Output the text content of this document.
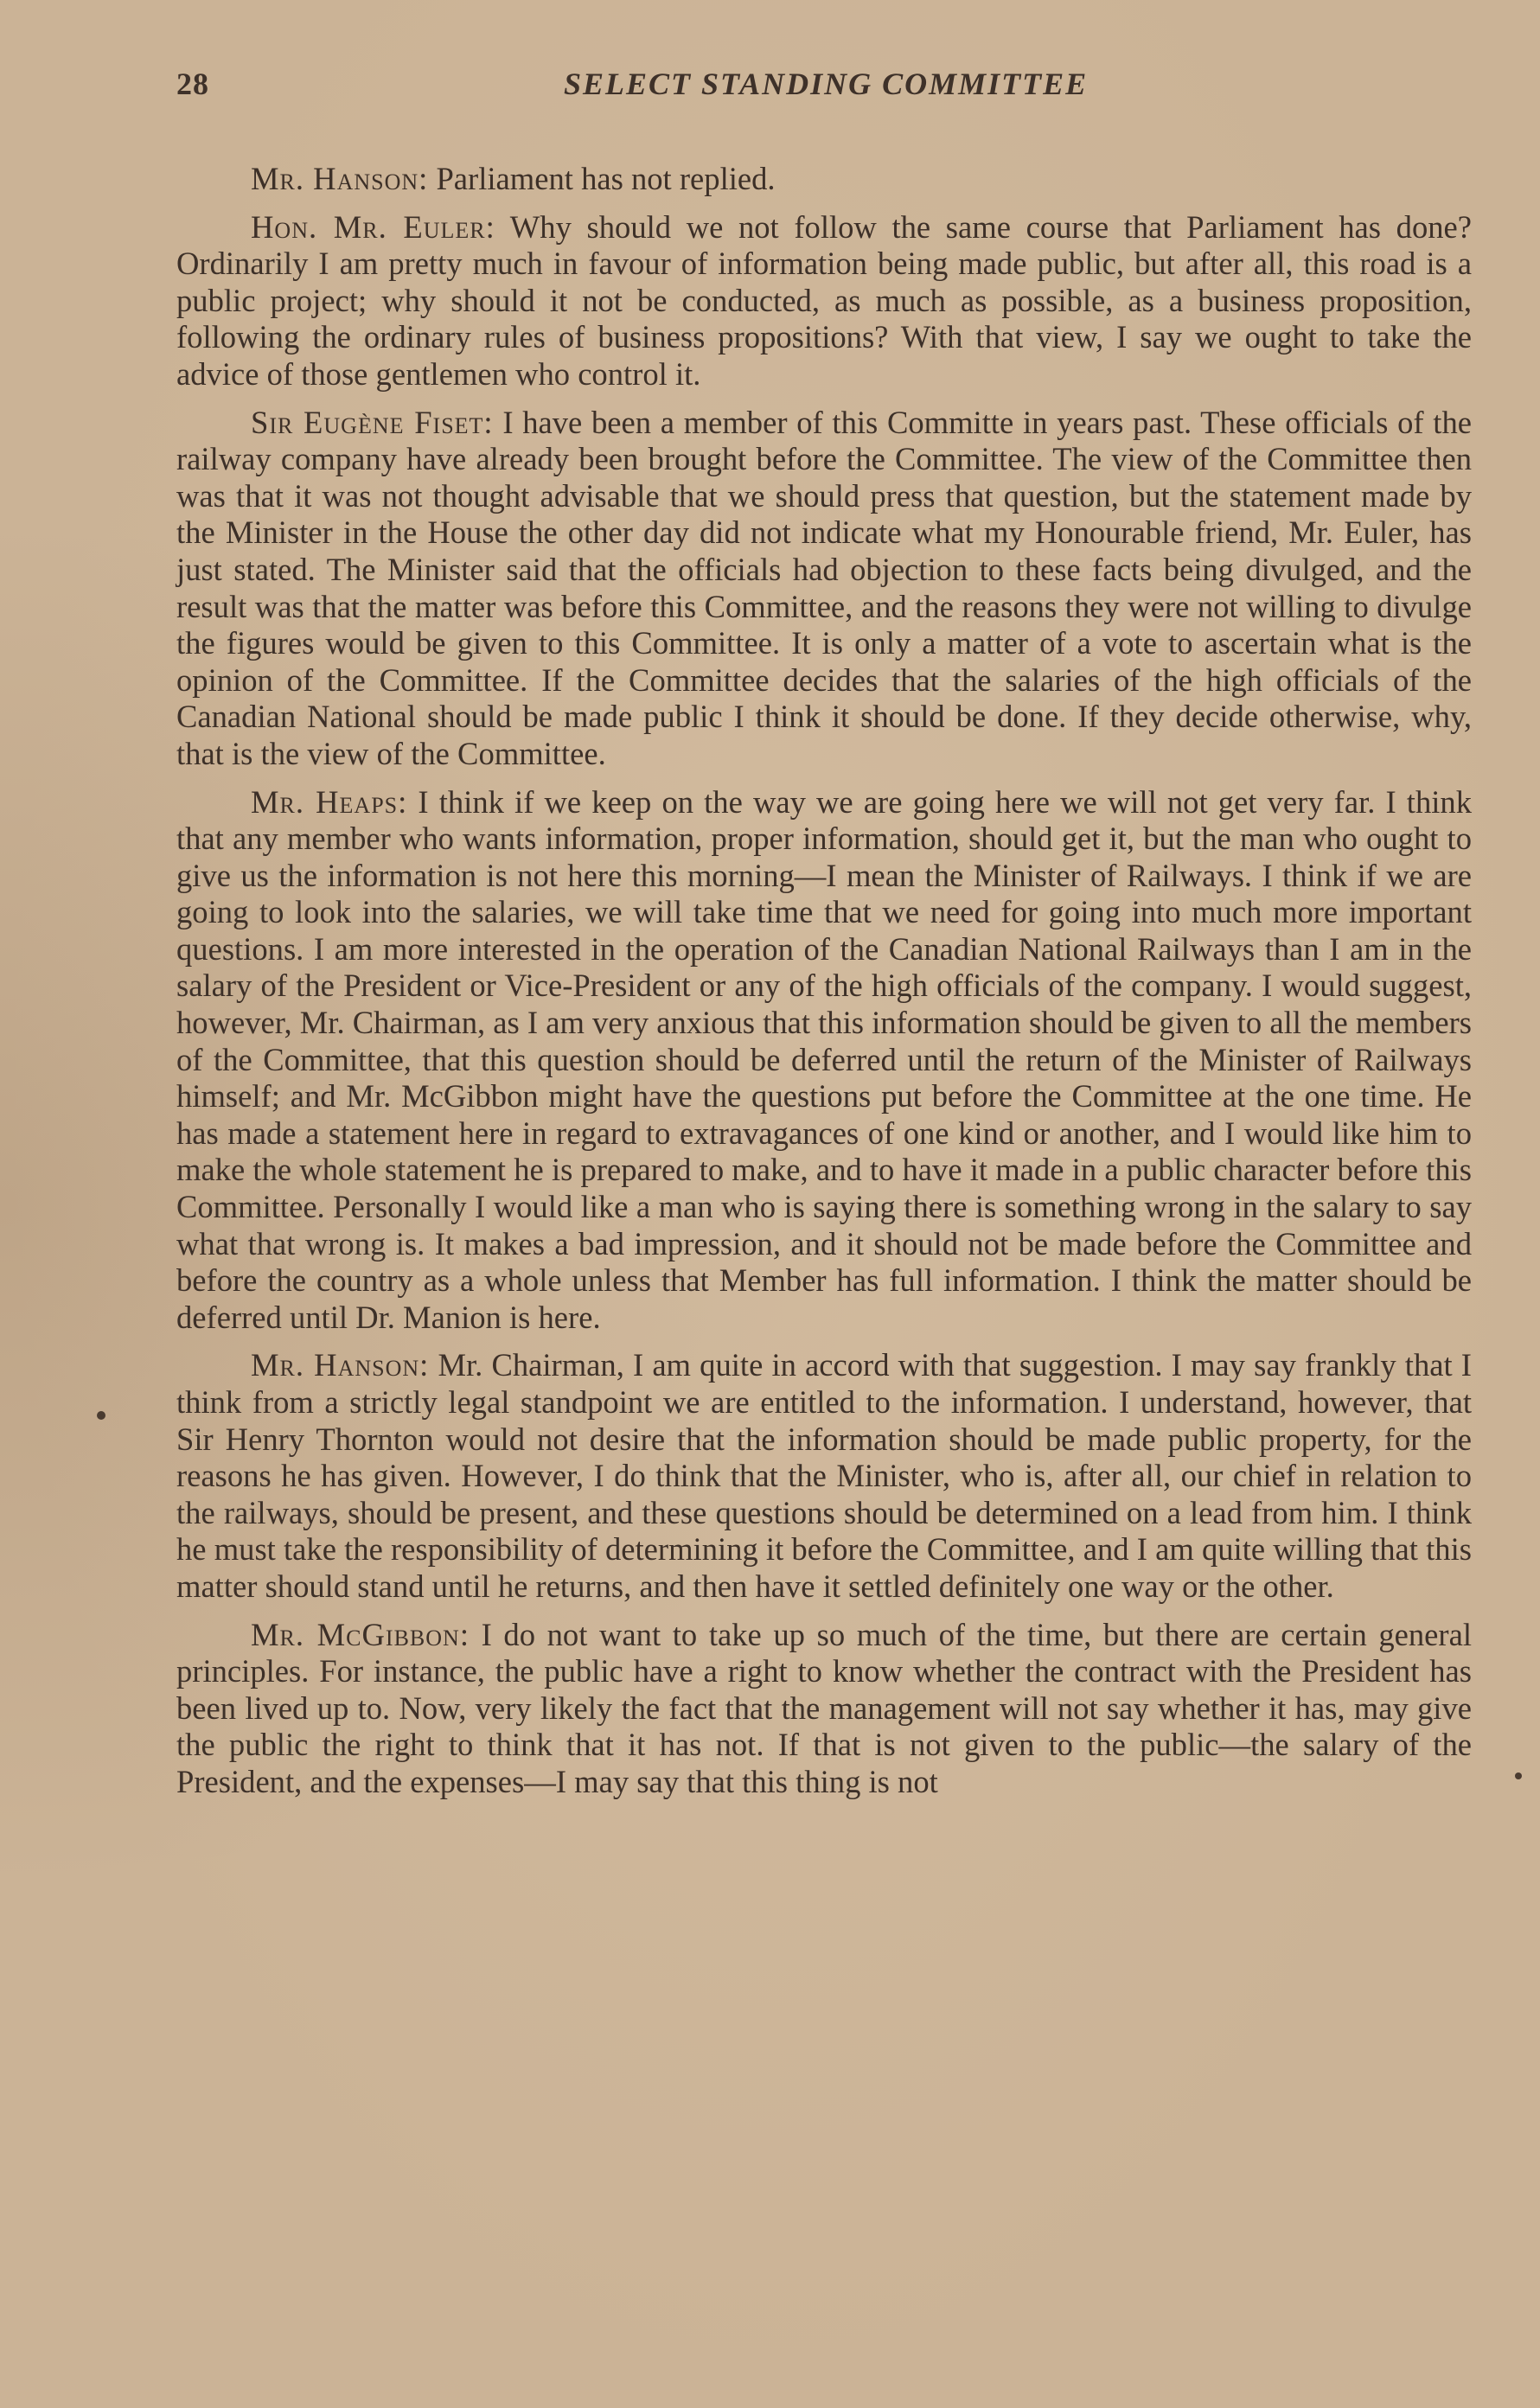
28	SELECT STANDING COMMITTEE

Mr. Hanson: Parliament has not replied.

Hon. Mr. Euler: Why should we not follow the same course that Parliament has done? Ordinarily I am pretty much in favour of information being made public, but after all, this road is a public project; why should it not be conducted, as much as possible, as a business proposition, following the ordinary rules of business propositions? With that view, I say we ought to take the advice of those gentlemen who control it.

Sir Eugène Fiset: I have been a member of this Committe in years past. These officials of the railway company have already been brought before the Committee. The view of the Committee then was that it was not thought advisable that we should press that question, but the statement made by the Minister in the House the other day did not indicate what my Honourable friend, Mr. Euler, has just stated. The Minister said that the officials had objection to these facts being divulged, and the result was that the matter was before this Committee, and the reasons they were not willing to divulge the figures would be given to this Committee. It is only a matter of a vote to ascertain what is the opinion of the Committee. If the Committee decides that the salaries of the high officials of the Canadian National should be made public I think it should be done. If they decide otherwise, why, that is the view of the Committee.

Mr. Heaps: I think if we keep on the way we are going here we will not get very far. I think that any member who wants information, proper information, should get it, but the man who ought to give us the information is not here this morning—I mean the Minister of Railways. I think if we are going to look into the salaries, we will take time that we need for going into much more important questions. I am more interested in the operation of the Canadian National Railways than I am in the salary of the President or Vice-President or any of the high officials of the company. I would suggest, however, Mr. Chairman, as I am very anxious that this information should be given to all the members of the Committee, that this question should be deferred until the return of the Minister of Railways himself; and Mr. McGibbon might have the questions put before the Committee at the one time. He has made a statement here in regard to extravagances of one kind or another, and I would like him to make the whole statement he is prepared to make, and to have it made in a public character before this Committee. Personally I would like a man who is saying there is something wrong in the salary to say what that wrong is. It makes a bad impression, and it should not be made before the Committee and before the country as a whole unless that Member has full information. I think the matter should be deferred until Dr. Manion is here.

Mr. Hanson: Mr. Chairman, I am quite in accord with that suggestion. I may say frankly that I think from a strictly legal standpoint we are entitled to the information. I understand, however, that Sir Henry Thornton would not desire that the information should be made public property, for the reasons he has given. However, I do think that the Minister, who is, after all, our chief in relation to the railways, should be present, and these questions should be determined on a lead from him. I think he must take the responsibility of determining it before the Committee, and I am quite willing that this matter should stand until he returns, and then have it settled definitely one way or the other.

Mr. McGibbon: I do not want to take up so much of the time, but there are certain general principles. For instance, the public have a right to know whether the contract with the President has been lived up to. Now, very likely the fact that the management will not say whether it has, may give the public the right to think that it has not. If that is not given to the public—the salary of the President, and the expenses—I may say that this thing is not
